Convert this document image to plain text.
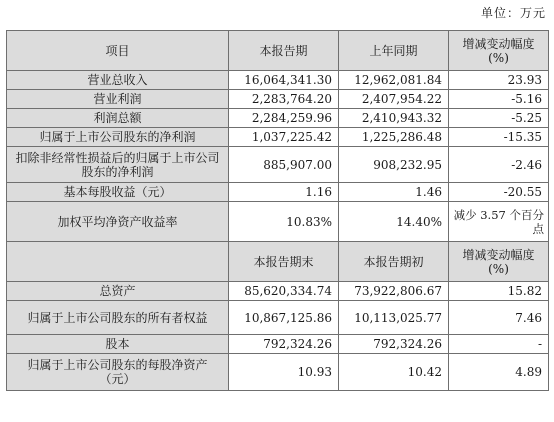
单位：万元
项目	本报告期	上年同期	增减变动幅度 (%)
营业总收入	16,064,341.30	12,962,081.84	23.93
营业利润	2,283,764.20	2,407,954.22	-5.16
利润总额	2,284,259.96	2,410,943.32	-5.25
归属于上市公司股东的净利润	1,037,225.42	1,225,286.48	-15.35
扣除非经常性损益后的归属于上市公司股东的净利润	885,907.00	908,232.95	-2.46
基本每股收益（元）	1.16	1.46	-20.55
加权平均净资产收益率	10.83%	14.40%	减少 3.57 个百分点
	本报告期末	本报告期初	增减变动幅度 (%)
总资产	85,620,334.74	73,922,806.67	15.82
归属于上市公司股东的所有者权益	10,867,125.86	10,113,025.77	7.46
股本	792,324.26	792,324.26	-
归属于上市公司股东的每股净资产（元）	10.93	10.42	4.89
